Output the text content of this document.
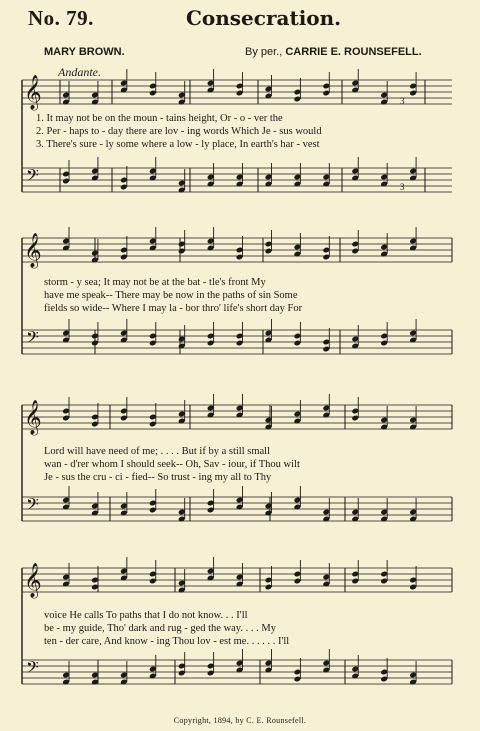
No. 79.	Consecration.
MARY BROWN.	By per., CARRIE E. ROUNSEFELL.
Andante.
𝄞
𝄢
𝄞
𝄢
𝄞
𝄢
𝄞
𝄢
3
3
1. It may not be on the moun - tains height, Or - o - ver the
2. Per - haps to - day there are lov - ing words Which Je - sus would
3. There's sure - ly some where a low - ly place, In earth's har - vest
storm - y sea; It may not be at the bat - tle's front My
have me speak-- There may be now in the paths of sin Some
fields so wide-- Where I may la - bor thro' life's short day For
Lord will have need of me; . . . . But if by a still small
wan - d'rer whom I should seek-- Oh, Sav - iour, if Thou wilt
Je - sus the cru - ci - fied-- So trust - ing my all to Thy
voice He calls To paths that I do not know. . . I'll
be - my guide, Tho' dark and rug - ged the way. . . . My
ten - der care, And know - ing Thou lov - est me. . . . . . I'll
Copyright, 1894, by C. E. Rounsefell.
